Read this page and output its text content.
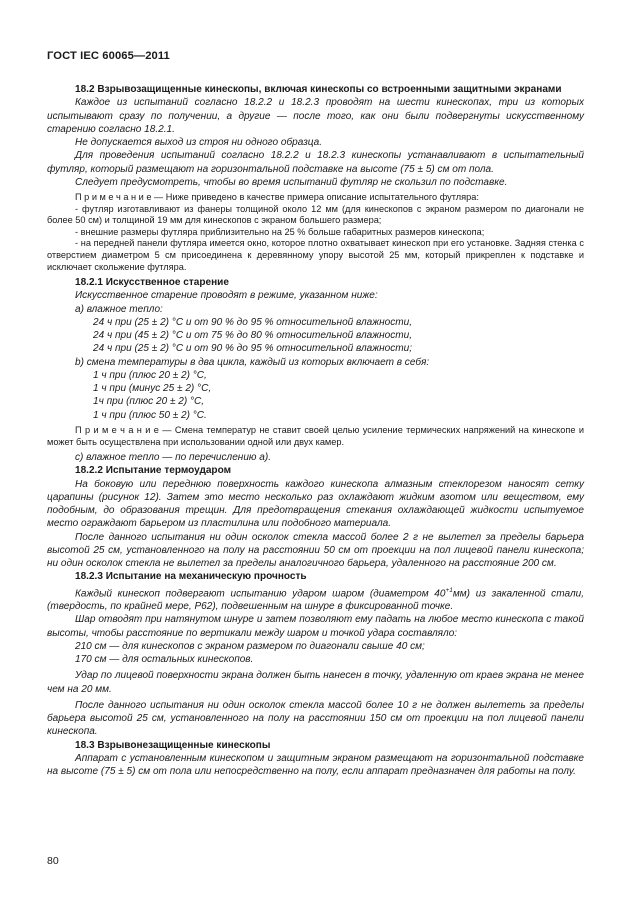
ГОСТ IEC 60065—2011

18.2 Взрывозащищенные кинескопы, включая кинескопы со встроенными защитными экранами

Каждое из испытаний согласно 18.2.2 и 18.2.3 проводят на шести кинескопах, три из которых испытывают сразу по получении, а другие — после того, как они были подвергнуты искусственному старению согласно 18.2.1.

Не допускается выход из строя ни одного образца.

Для проведения испытаний согласно 18.2.2 и 18.2.3 кинескопы устанавливают в испытательный футляр, который размещают на горизонтальной подставке на высоте (75 ± 5) см от пола.

Следует предусмотреть, чтобы во время испытаний футляр не скользил по подставке.

П р и м е ч а н и е — Ниже приведено в качестве примера описание испытательного футляра:

- футляр изготавливают из фанеры толщиной около 12 мм (для кинескопов с экраном размером по диагонали не более 50 см) и толщиной 19 мм для кинескопов с экраном большего размера;

- внешние размеры футляра приблизительно на 25 % больше габаритных размеров кинескопа;

- на передней панели футляра имеется окно, которое плотно охватывает кинескоп при его установке. Задняя стенка с отверстием диаметром 5 см присоединена к деревянному упору высотой 25 мм, который прикреплен к подставке и исключает скольжение футляра.

18.2.1 Искусственное старение

Искусственное старение проводят в режиме, указанном ниже:

а) влажное тепло:

24 ч при (25 ± 2) °С и от 90 % до 95 % относительной влажности,

24 ч при (45 ± 2) °С и от 75 % до 80 % относительной влажности,

24 ч при (25 ± 2) °С и от 90 % до 95 % относительной влажности;

b) смена температуры в два цикла, каждый из которых включает в себя:

1 ч при (плюс 20 ± 2) °С,

1 ч при (минус 25 ± 2) °С,

1ч при (плюс 20 ± 2) °С,

1 ч при (плюс 50 ± 2) °С.

П р и м е ч а н и е — Смена температур не ставит своей целью усиление термических напряжений на кинескопе и может быть осуществлена при использовании одной или двух камер.

с) влажное тепло — по перечислению а).

18.2.2 Испытание термоударом

На боковую или переднюю поверхность каждого кинескопа алмазным стеклорезом наносят сетку царапины (рисунок 12). Затем это место несколько раз охлаждают жидким азотом или веществом, ему подобным, до образования трещин. Для предотвращения стекания охлаждающей жидкости испытуемое место ограждают барьером из пластилина или подобного материала.

После данного испытания ни один осколок стекла массой более 2 г не вылетел за пределы барьера высотой 25 см, установленного на полу на расстоянии 50 см от проекции на пол лицевой панели кинескопа; ни один осколок стекла не вылетел за пределы аналогичного барьера, удаленного на расстояние 200 см.

18.2.3 Испытание на механическую прочность

Каждый кинескоп подвергают испытанию ударом шаром (диаметром $40^{+1}мм$) из закаленной стали, (твердость, по крайней мере, Р62), подвешенным на шнуре в фиксированной точке.

Шар отводят при натянутом шнуре и затем позволяют ему падать на любое место кинескопа с такой высоты, чтобы расстояние по вертикали между шаром и точкой удара составляло:

210 см — для кинескопов с экраном размером по диагонали свыше 40 см;

170 см — для остальных кинескопов.

Удар по лицевой поверхности экрана должен быть нанесен в точку, удаленную от краев экрана не менее чем на 20 мм.

После данного испытания ни один осколок стекла массой более 10 г не должен вылететь за пределы барьера высотой 25 см, установленного на полу на расстоянии 150 см от проекции на пол лицевой панели кинескопа.

18.3 Взрывонезащищенные кинескопы

Аппарат с установленным кинескопом и защитным экраном размещают на горизонтальной подставке на высоте (75 ± 5) см от пола или непосредственно на полу, если аппарат предназначен для работы на полу.

80
